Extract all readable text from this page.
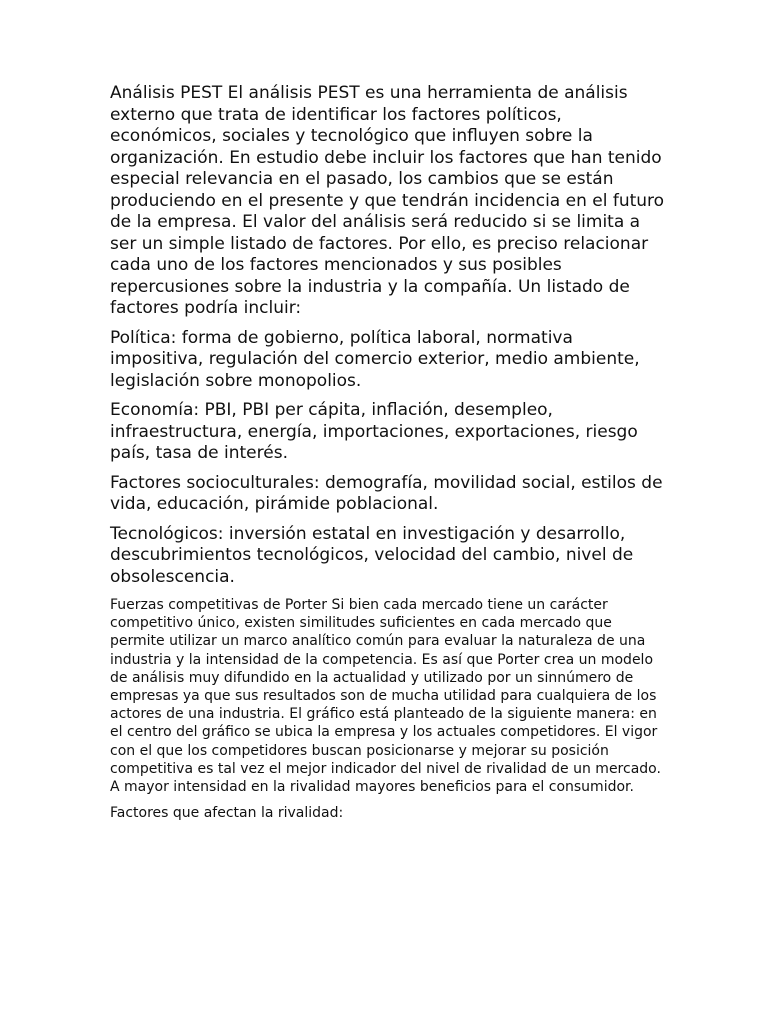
Análisis PEST El análisis PEST es una herramienta de análisis externo que trata de identificar los factores políticos, económicos, sociales y tecnológico que influyen sobre la organización. En estudio debe incluir los factores que han tenido especial relevancia en el pasado, los cambios que se están produciendo en el presente y que tendrán incidencia en el futuro de la empresa. El valor del análisis será reducido si se limita a ser un simple listado de factores. Por ello, es preciso relacionar cada uno de los factores mencionados y sus posibles repercusiones sobre la industria y la compañía. Un listado de factores podría incluir:

Política: forma de gobierno, política laboral, normativa impositiva, regulación del comercio exterior, medio ambiente, legislación sobre monopolios.

Economía: PBI, PBI per cápita, inflación, desempleo, infraestructura, energía, importaciones, exportaciones, riesgo país, tasa de interés.

Factores socioculturales: demografía, movilidad social, estilos de vida, educación, pirámide poblacional.

Tecnológicos: inversión estatal en investigación y desarrollo, descubrimientos tecnológicos, velocidad del cambio, nivel de obsolescencia.

Fuerzas competitivas de Porter Si bien cada mercado tiene un carácter competitivo único, existen similitudes suficientes en cada mercado que permite utilizar un marco analítico común para evaluar la naturaleza de una industria y la intensidad de la competencia. Es así que Porter crea un modelo de análisis muy difundido en la actualidad y utilizado por un sinnúmero de empresas ya que sus resultados son de mucha utilidad para cualquiera de los actores de una industria. El gráfico está planteado de la siguiente manera: en el centro del gráfico se ubica la empresa y los actuales competidores. El vigor con el que los competidores buscan posicionarse y mejorar su posición competitiva es tal vez el mejor indicador del nivel de rivalidad de un mercado. A mayor intensidad en la rivalidad mayores beneficios para el consumidor.

Factores que afectan la rivalidad:
